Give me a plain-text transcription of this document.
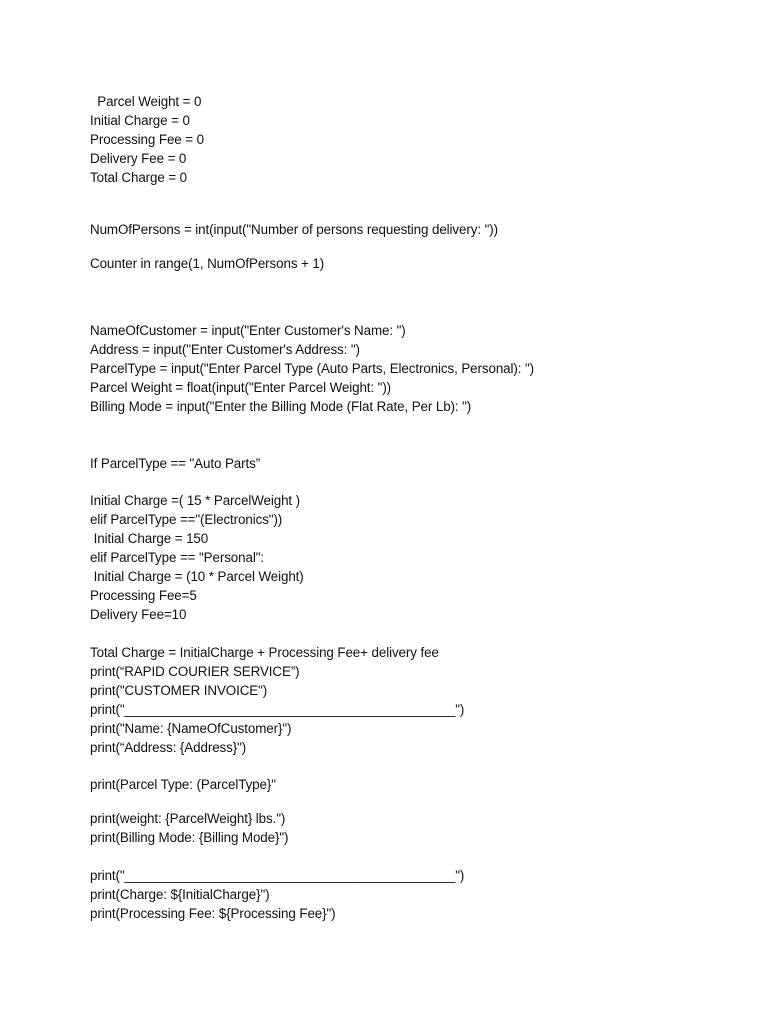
Parcel Weight = 0
Initial Charge = 0
Processing Fee = 0
Delivery Fee = 0
Total Charge = 0
NumOfPersons = int(input("Number of persons requesting delivery: "))
Counter in range(1, NumOfPersons + 1)
NameOfCustomer = input("Enter Customer's Name: ")
Address = input("Enter Customer's Address: ")
ParcelType = input("Enter Parcel Type (Auto Parts, Electronics, Personal): ")
Parcel Weight = float(input("Enter Parcel Weight: "))
Billing Mode = input("Enter the Billing Mode (Flat Rate, Per Lb): ")
If ParcelType == "Auto Parts”
Initial Charge =( 15 * ParcelWeight )
elif ParcelType =="(Electronics"))
Initial Charge = 150
elif ParcelType == "Personal":
Initial Charge = (10 * Parcel Weight)
Processing Fee=5
Delivery Fee=10
Total Charge = InitialCharge + Processing Fee+ delivery fee
print(“RAPID COURIER SERVICE”)
print("CUSTOMER INVOICE")
print("_____________________________________________")
print("Name: {NameOfCustomer}")
print(“Address: {Address}")
print(Parcel Type: (ParcelType}"
print(weight: {ParcelWeight} lbs.")
print(Billing Mode: {Billing Mode}")
print("_____________________________________________")
print(Charge: ${InitialCharge}")
print(Processing Fee: ${Processing Fee}")
